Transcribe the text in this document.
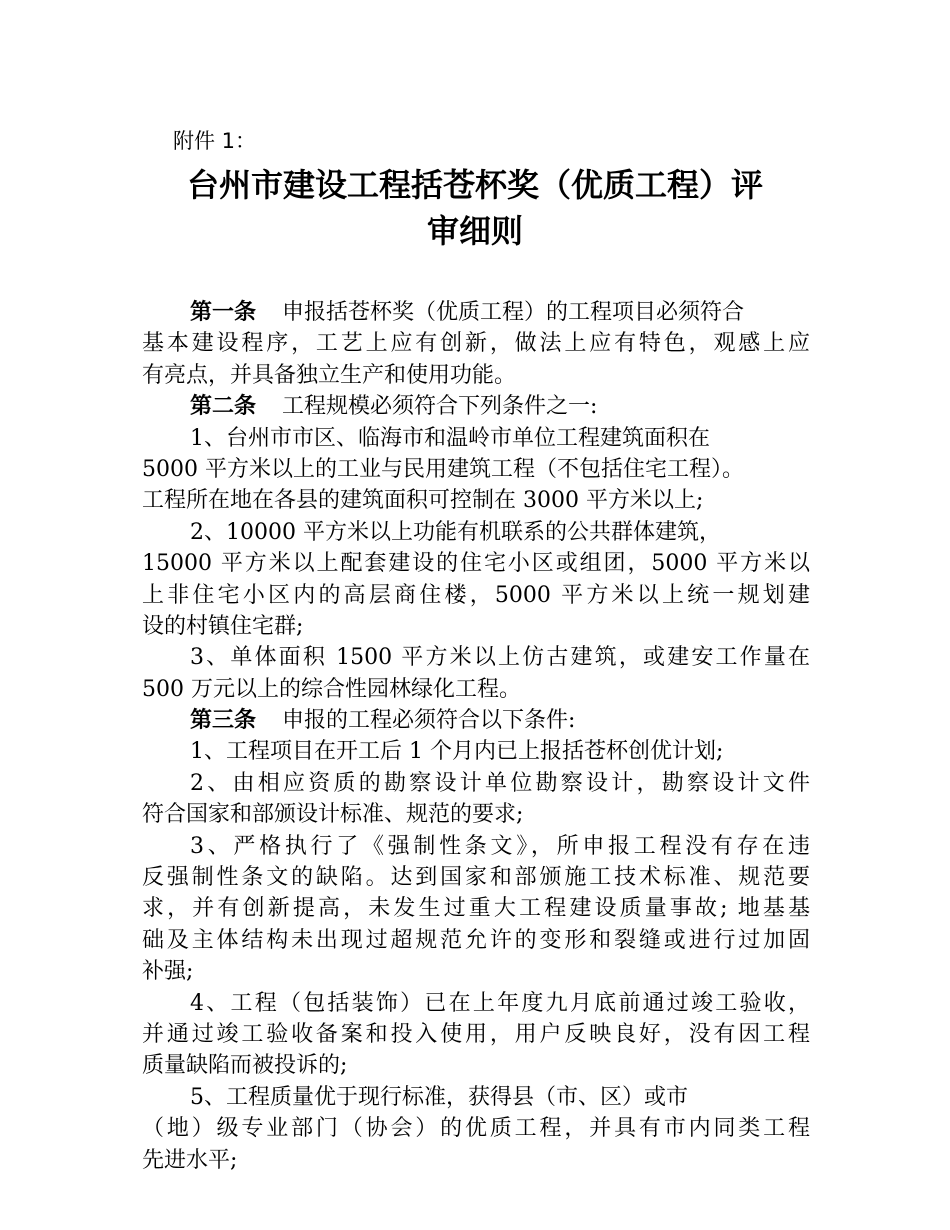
附件 1：
台州市建设工程括苍杯奖（优质工程）评
审细则
第一条 申报括苍杯奖（优质工程）的工程项目必须符合
基本建设程序，工艺上应有创新，做法上应有特色，观感上应
有亮点，并具备独立生产和使用功能。
第二条 工程规模必须符合下列条件之一:
1、台州市市区、临海市和温岭市单位工程建筑面积在
5000 平方米以上的工业与民用建筑工程（不包括住宅工程）。
工程所在地在各县的建筑面积可控制在 3000 平方米以上;
2、10000 平方米以上功能有机联系的公共群体建筑，
15000 平方米以上配套建设的住宅小区或组团，5000 平方米以
上非住宅小区内的高层商住楼，5000 平方米以上统一规划建
设的村镇住宅群;
3、单体面积 1500 平方米以上仿古建筑，或建安工作量在
500 万元以上的综合性园林绿化工程。
第三条 申报的工程必须符合以下条件:
1、工程项目在开工后 1 个月内已上报括苍杯创优计划;
2、由相应资质的勘察设计单位勘察设计，勘察设计文件
符合国家和部颁设计标准、规范的要求;
3、严格执行了《强制性条文》，所申报工程没有存在违
反强制性条文的缺陷。达到国家和部颁施工技术标准、规范要
求，并有创新提高，未发生过重大工程建设质量事故; 地基基
础及主体结构未出现过超规范允许的变形和裂缝或进行过加固
补强;
4、工程（包括装饰）已在上年度九月底前通过竣工验收，
并通过竣工验收备案和投入使用，用户反映良好，没有因工程
质量缺陷而被投诉的;
5、工程质量优于现行标准，获得县（市、区）或市
（地）级专业部门（协会）的优质工程，并具有市内同类工程
先进水平;
